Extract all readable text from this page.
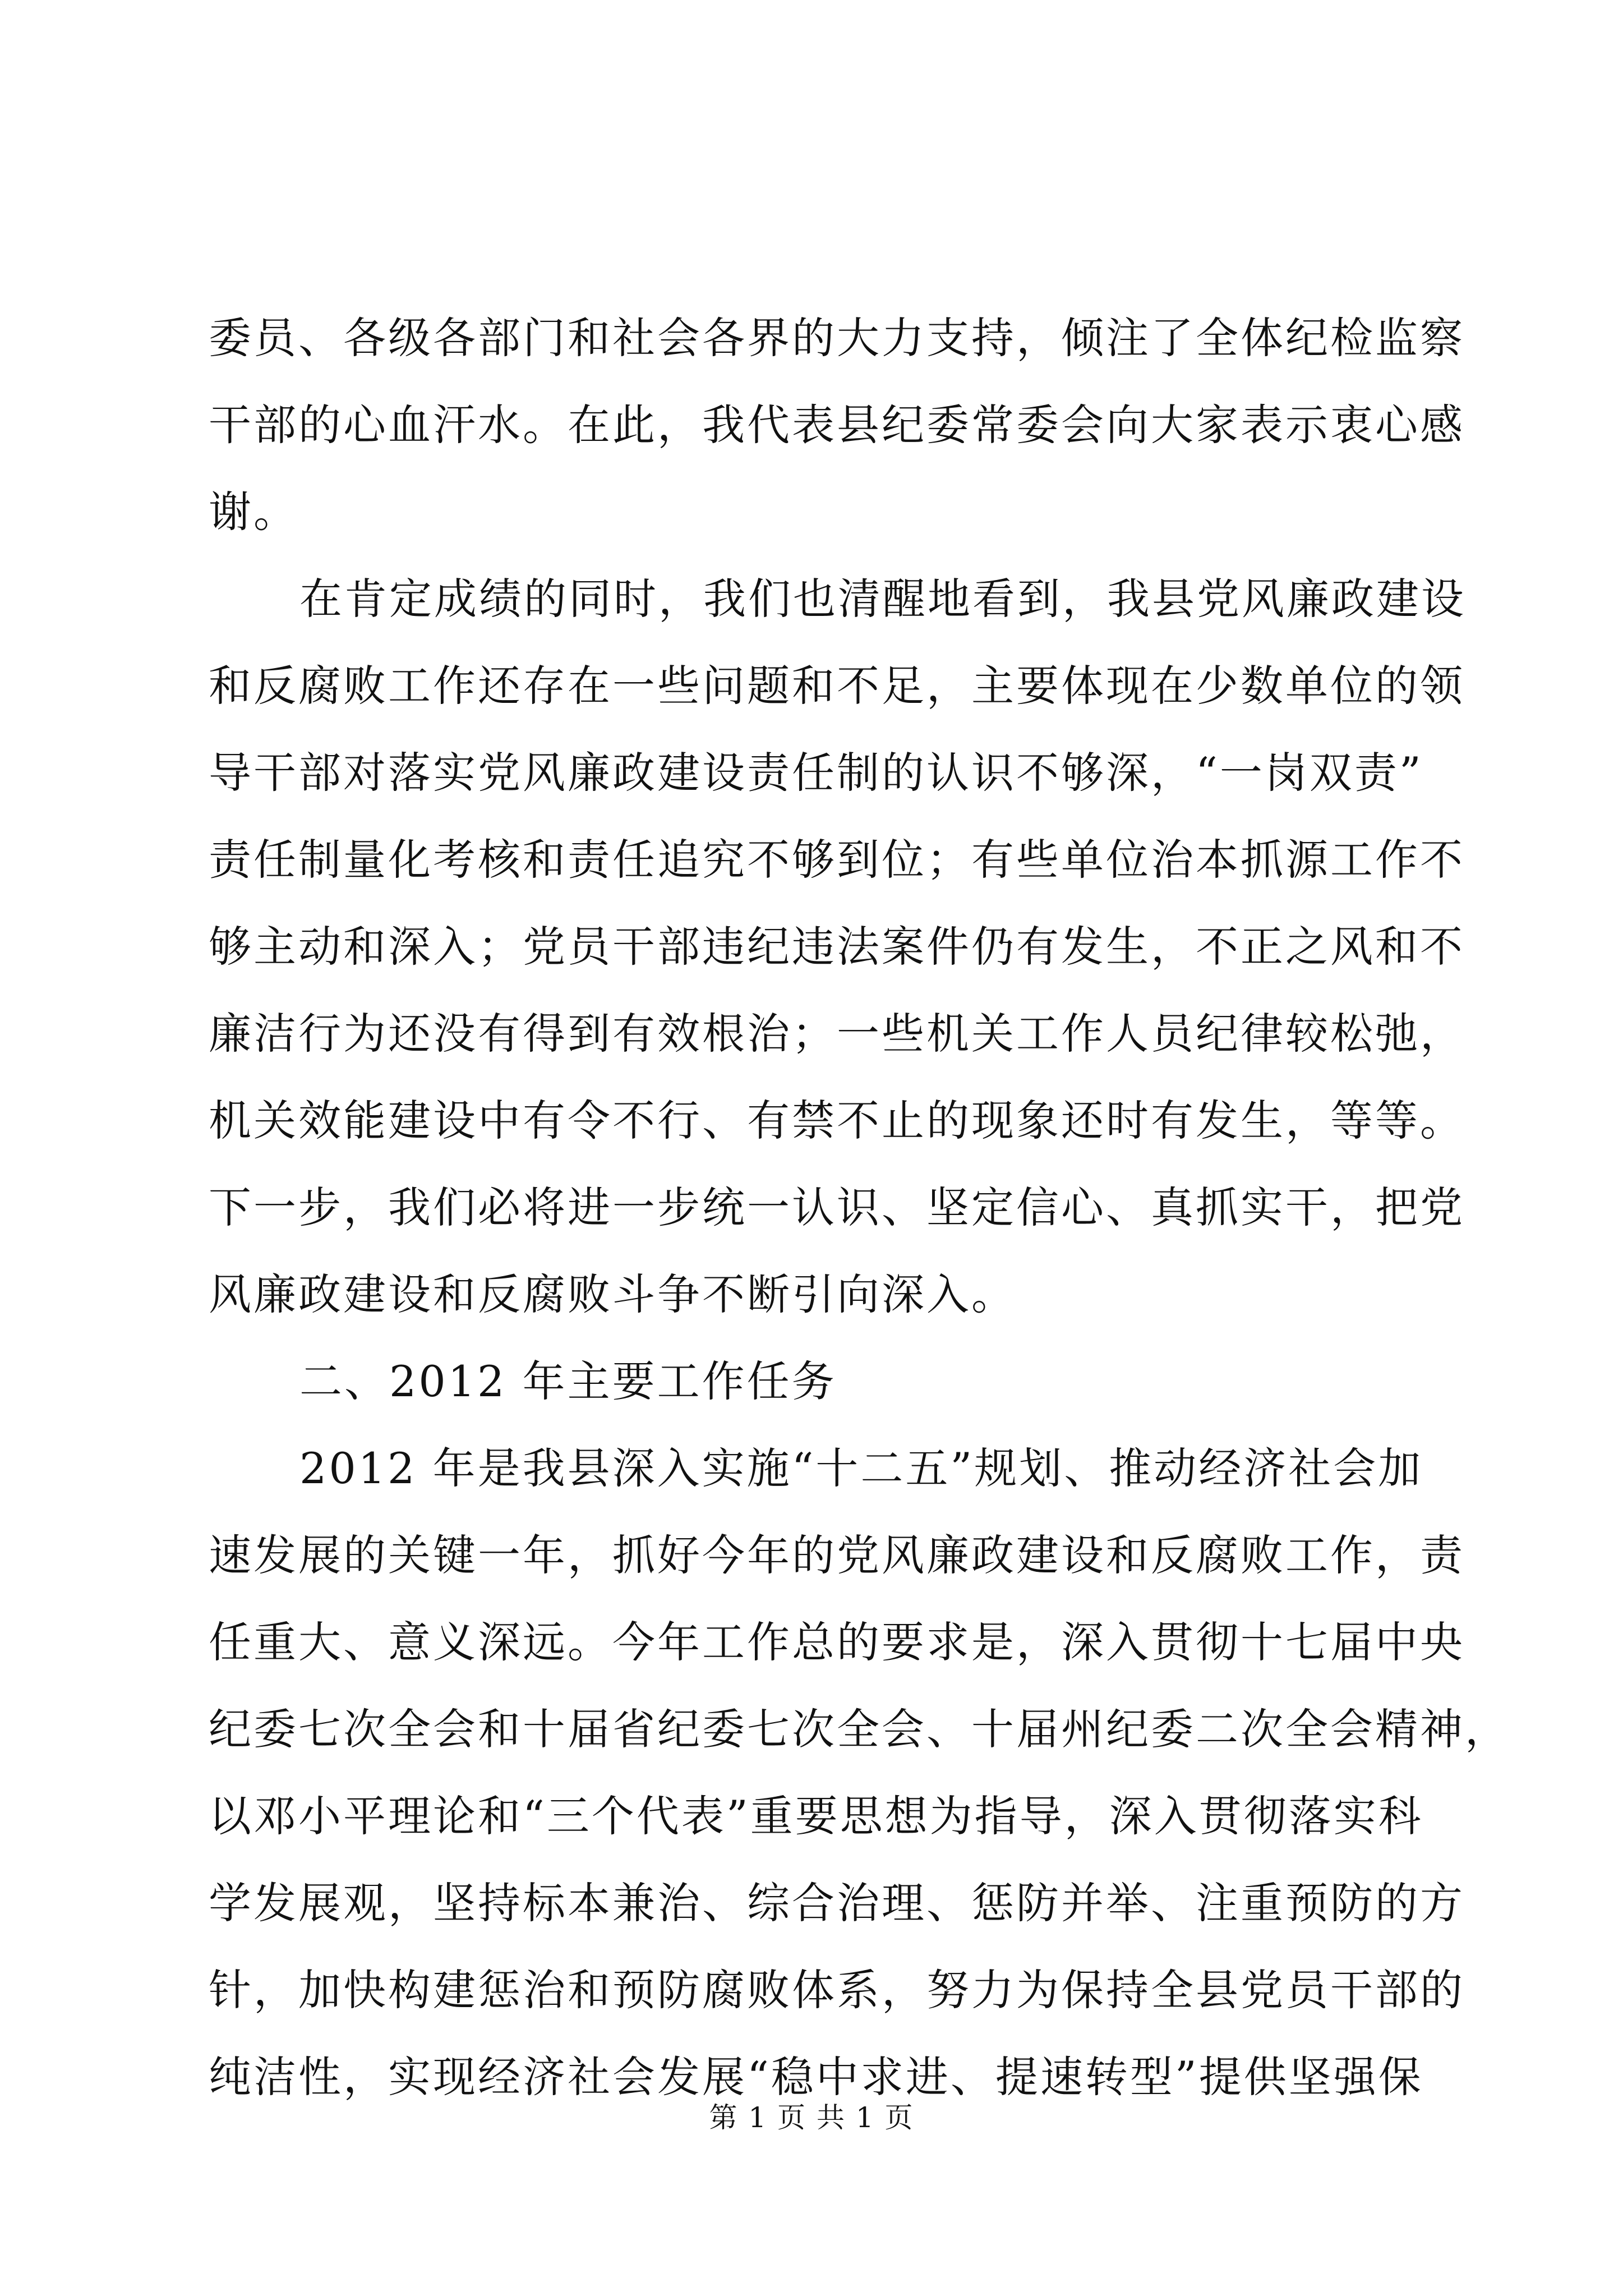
委员、各级各部门和社会各界的大力支持，倾注了全体纪检监察
干部的心血汗水。在此，我代表县纪委常委会向大家表示衷心感
谢。
在肯定成绩的同时，我们也清醒地看到，我县党风廉政建设
和反腐败工作还存在一些问题和不足，主要体现在少数单位的领
导干部对落实党风廉政建设责任制的认识不够深，“一岗双责”
责任制量化考核和责任追究不够到位；有些单位治本抓源工作不
够主动和深入；党员干部违纪违法案件仍有发生，不正之风和不
廉洁行为还没有得到有效根治；一些机关工作人员纪律较松弛，
机关效能建设中有令不行、有禁不止的现象还时有发生，等等。
下一步，我们必将进一步统一认识、坚定信心、真抓实干，把党
风廉政建设和反腐败斗争不断引向深入。
二、2012 年主要工作任务
2012 年是我县深入实施“十二五”规划、推动经济社会加
速发展的关键一年，抓好今年的党风廉政建设和反腐败工作，责
任重大、意义深远。今年工作总的要求是，深入贯彻十七届中央
纪委七次全会和十届省纪委七次全会、十届州纪委二次全会精神，
以邓小平理论和“三个代表”重要思想为指导，深入贯彻落实科
学发展观，坚持标本兼治、综合治理、惩防并举、注重预防的方
针，加快构建惩治和预防腐败体系，努力为保持全县党员干部的
纯洁性，实现经济社会发展“稳中求进、提速转型”提供坚强保
第 1 页 共 1 页
